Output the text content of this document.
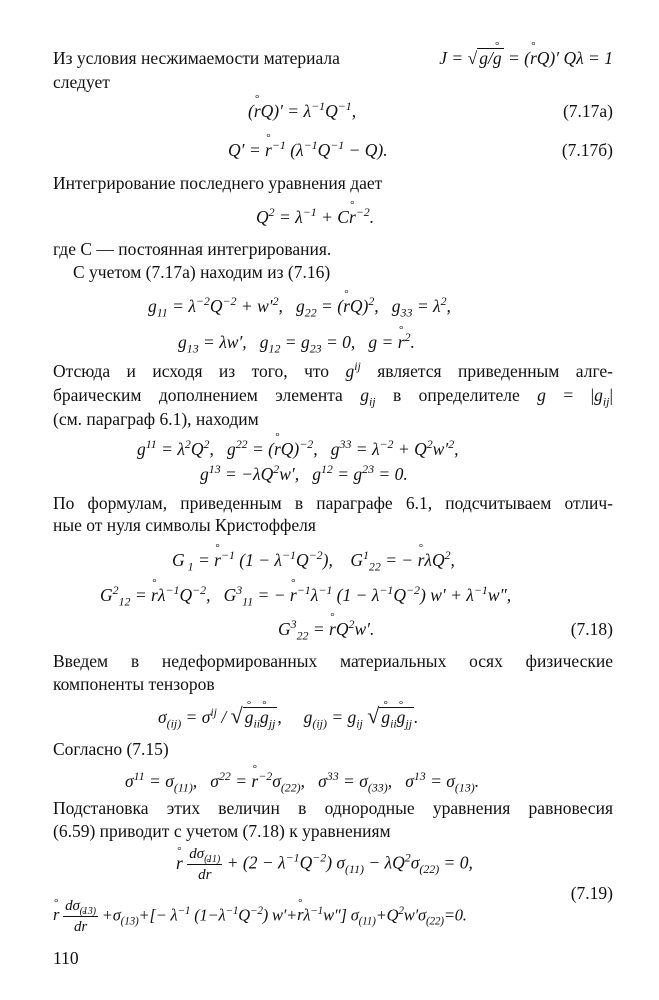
Из условия несжимаемости материала	J = √ g/° g = (° rQ)′ Qλ = 1
следует
(° $rQ)' = \lambda^{-1}Q^{-1}$,	(7.17а)
Q′ = ° $r^{-1}$ $(\lambda^{-1}Q^{-1} - Q)$.	(7.17б)
Интегрирование последнего уравнения дает
$Q^2 = \lambda^{-1} + C^\circ$ $r^{-2}$.
где C — постоянная интегрирования.
С учетом (7.17а) находим из (7.16)
$g_{11} = \lambda^{-2}Q^{-2} + w'^2$,   $g_{22}$ = (° rQ)$^2$,   $g_{33} = \lambda^2$,
$g_{13} = \lambda w'$,   $g_{12} = g_{23} = 0$,   g = ° $r^2$.
Отсюда и исходя из того, что $g^{ij}$ является приведенным алге-
браическим дополнением элемента $g_{ij}$ в определителе $g = |g_{ij}|$
(см. параграф 6.1), находим
$g^{11} = \lambda^2Q^2$,   $g^{22}$ = (° rQ)$^{-2}$,   $g^{33} = \lambda^{-2} + Q^2w'^2$,
$g^{13} = -\lambda Q^2w'$,   $g^{12} = g^{23} = 0$.
По формулам, приведенным в параграфе 6.1, подсчитываем отлич-
ные от нуля символы Кристоффеля
G $_1$ = ° $r^{-1}$ $(1 - \lambda^{-1}Q^{-2})$,    $G^1_{22}$ = − ° rλQ$^2$,
$G^2_{12}$ = ° $r\lambda^{-1}Q^{-2}$,   $G^3_{11}$ = − ° $r^{-1}\lambda^{-1}$ $(1 - \lambda^{-1}Q^{-2})$ $w' + \lambda^{-1}w''$,
$G^3_{22}$ = ° $rQ^2w'$.	(7.18)
Введем в недеформированных материальных осях физические
компоненты тензоров
$\sigma_{(ij)} = \sigma^{ij}$ / √ ° $g_{ii}^\circ$ $g_{jj}$ ,     $g_{(ij)} = g_{ij}$ √ ° $g_{ii}^\circ$ $g_{jj}$ .
Согласно (7.15)
$\sigma^{11} = \sigma_{(11)}$,   $\sigma^{22}$ = ° $r^{-2}\sigma_{(22)}$,   $\sigma^{33} = \sigma_{(33)}$,   $\sigma^{13} = \sigma_{(13)}$.
Подстановка этих величин в однородные уравнения равновесия
(6.59) приводит с учетом (7.18) к уравнениям
° r $\frac{d\sigma_{(11)}}{d^\circ r} + (2 - \lambda^{-1}Q^{-2}) \sigma_{(11)} - \lambda Q^2\sigma_{(22)} = 0$,
(7.19)
° r $\frac{d\sigma_{(13)}}{d^\circ r} +\sigma_{(13)}+[- \lambda^{-1}$ $(1-\lambda^{-1}Q^{-2})$ w′+° $r\lambda^{-1}w''$] $\sigma_{(11)}+Q^2w'\sigma_{(22)}=0$.
110
